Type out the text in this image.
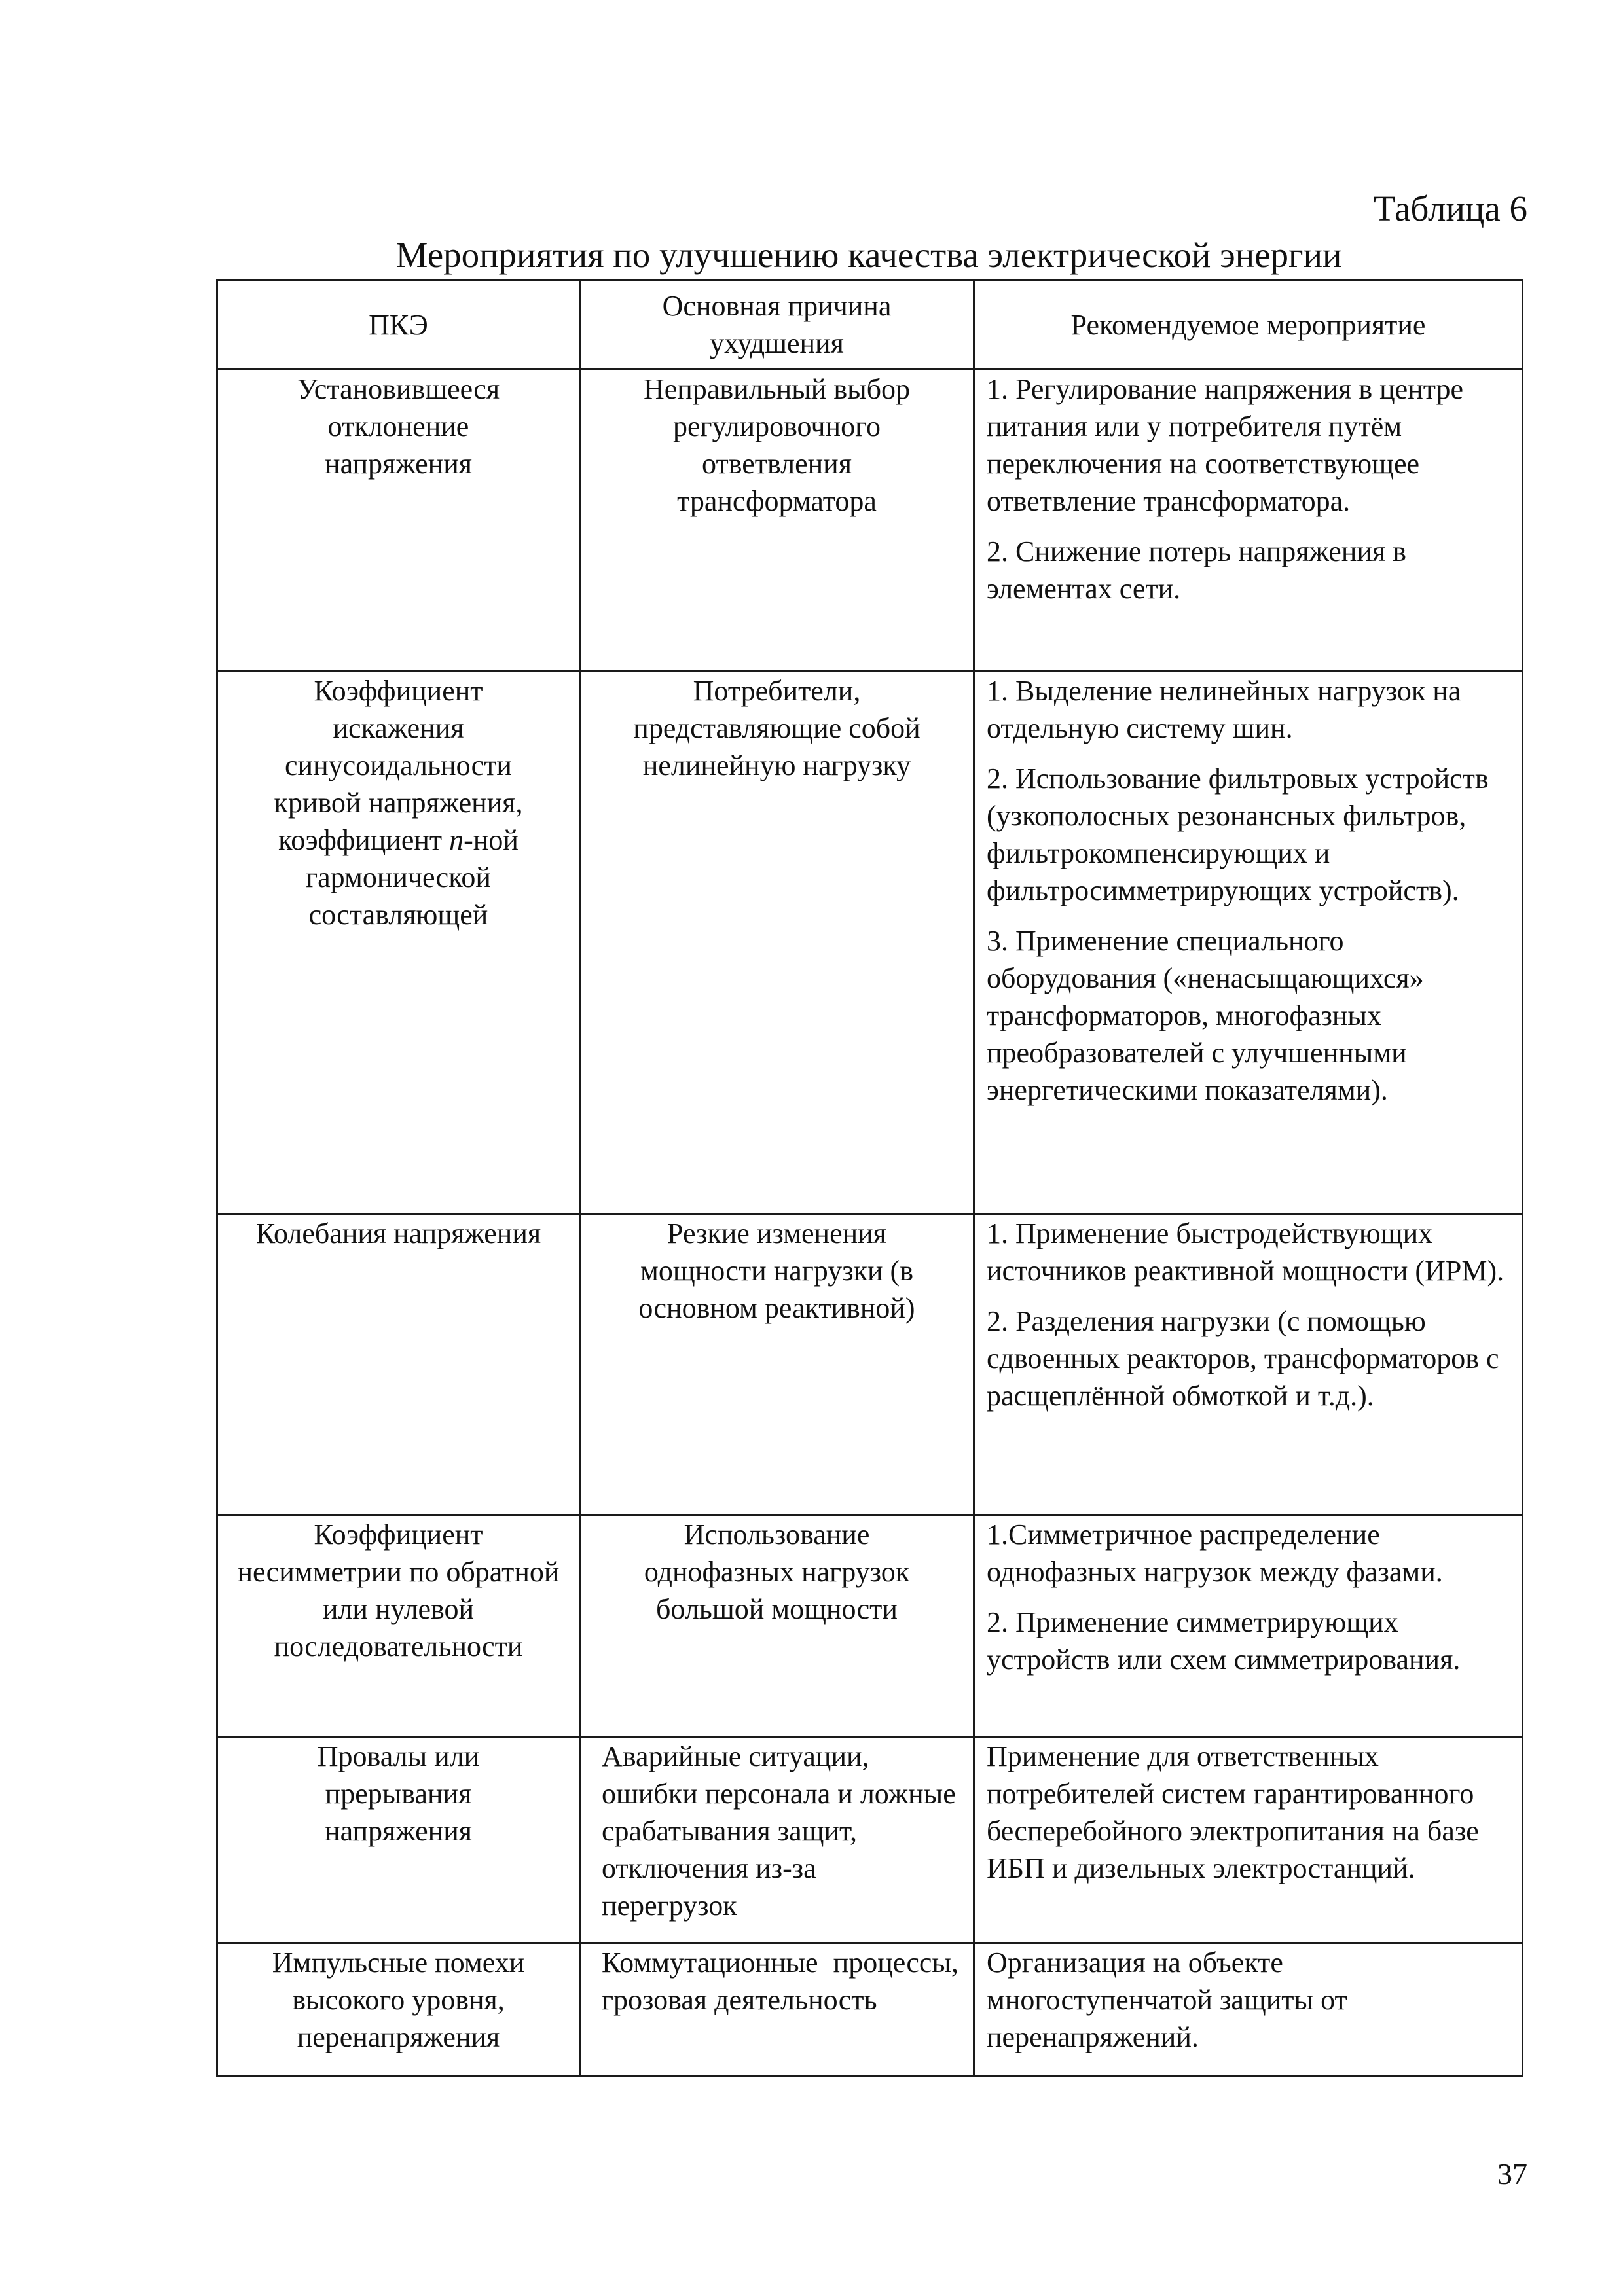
Таблица 6
Мероприятия по улучшению качества электрической энергии
ПКЭ	Основная причина ухудшения	Рекомендуемое мероприятие
Установившееся отклонение напряжения	Неправильный выбор регулировочного ответвления трансформатора	1. Регулирование напряжения в центре питания или у потребителя путём переключения на соответствующее ответвление трансформатора.
2. Снижение потерь напряжения в элементах сети.

Коэффициент искажения синусоидальности кривой напряжения, коэффициент n-ной гармонической составляющей	Потребители, представляющие собой нелинейную нагрузку	1. Выделение нелинейных нагрузок на отдельную систему шин.
2. Использование фильтровых устройств (узкополосных резонансных фильтров, фильтрокомпенсирующих и фильтросимметрирующих устройств).
3. Применение специального оборудования («ненасыщающихся» трансформаторов, многофазных преобразователей с улучшенными энергетическими показателями).

Колебания напряжения	Резкие изменения мощности нагрузки (в основном реактивной)	1. Применение быстродействующих источников реактивной мощности (ИРМ).
2. Разделения нагрузки (с помощью сдвоенных реакторов, трансформаторов с расщеплённой обмоткой и т.д.).

Коэффициент несимметрии по обратной или нулевой последовательности	Использование однофазных нагрузок большой мощности	1.Симметричное распределение однофазных нагрузок между фазами.
2. Применение симметрирующих устройств или схем симметрирования.

Провалы или прерывания напряжения	Аварийные ситуации, ошибки персонала и ложные срабатывания защит, отключения из-за перегрузок	Применение для ответственных потребителей систем гарантированного бесперебойного электропитания на базе ИБП и дизельных электростанций.

Импульсные помехи высокого уровня, перенапряжения	Коммутационные процессы, грозовая деятельность	Организация на объекте многоступенчатой защиты от перенапряжений.
37
